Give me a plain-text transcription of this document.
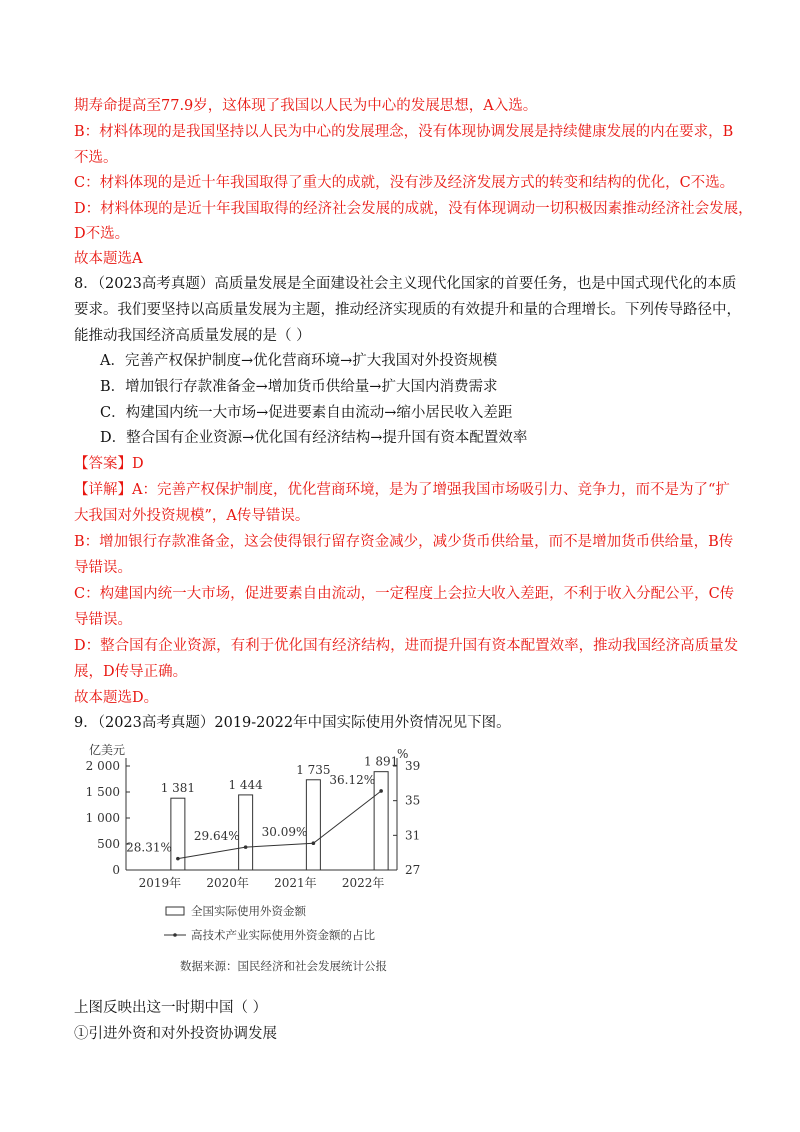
期寿命提高至77.9岁，这体现了我国以人民为中心的发展思想，A入选。
B：材料体现的是我国坚持以人民为中心的发展理念，没有体现协调发展是持续健康发展的内在要求，B
不选。
C：材料体现的是近十年我国取得了重大的成就，没有涉及经济发展方式的转变和结构的优化，C不选。
D：材料体现的是近十年我国取得的经济社会发展的成就，没有体现调动一切积极因素推动经济社会发展，
D不选。
故本题选A
8．（2023高考真题）高质量发展是全面建设社会主义现代化国家的首要任务，也是中国式现代化的本质
要求。我们要坚持以高质量发展为主题，推动经济实现质的有效提升和量的合理增长。下列传导路径中，
能推动我国经济高质量发展的是（ ）
A．完善产权保护制度→优化营商环境→扩大我国对外投资规模
B．增加银行存款准备金→增加货币供给量→扩大国内消费需求
C．构建国内统一大市场→促进要素自由流动→缩小居民收入差距
D．整合国有企业资源→优化国有经济结构→提升国有资本配置效率
【答案】D
【详解】A：完善产权保护制度，优化营商环境，是为了增强我国市场吸引力、竞争力，而不是为了“扩
大我国对外投资规模”，A传导错误。
B：增加银行存款准备金，这会使得银行留存资金减少，减少货币供给量，而不是增加货币供给量，B传
导错误。
C：构建国内统一大市场，促进要素自由流动，一定程度上会拉大收入差距，不利于收入分配公平，C传
导错误。
D：整合国有企业资源，有利于优化国有经济结构，进而提升国有资本配置效率，推动我国经济高质量发
展，D传导正确。
故本题选D。
9．（2023高考真题）2019-2022年中国实际使用外资情况见下图。
亿美元	%
0
500
1 000
1 500
2 000
27
31
35
39
2019年 2020年 2021年 2022年
1 381	1 444
1 735
1 891
28.31%
29.64% 30.09%
36.12%
全国实际使用外资金额
高技术产业实际使用外资金额的占比
数据来源：国民经济和社会发展统计公报
上图反映出这一时期中国（ ）
①引进外资和对外投资协调发展
